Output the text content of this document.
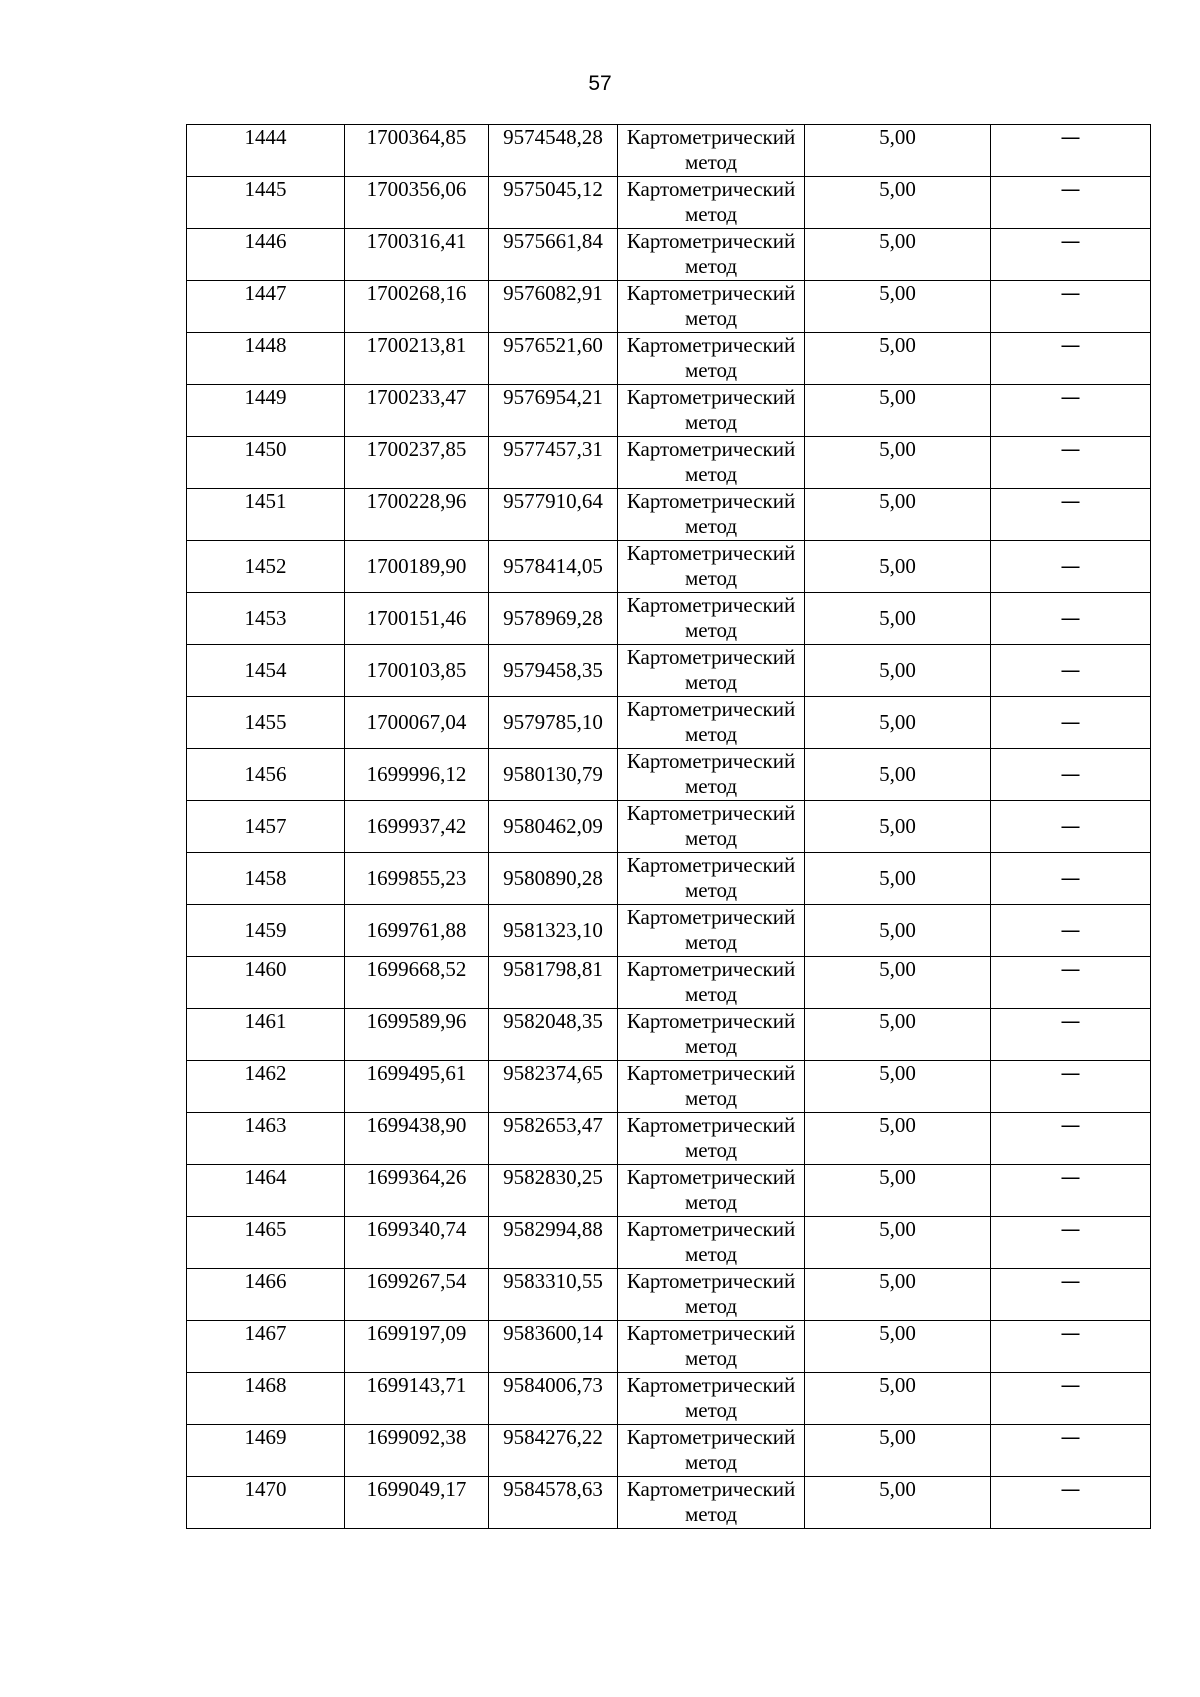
57
1444	1700364,85	9574548,28	Картометрический метод	5,00	—
1445	1700356,06	9575045,12	Картометрический метод	5,00	—
1446	1700316,41	9575661,84	Картометрический метод	5,00	—
1447	1700268,16	9576082,91	Картометрический метод	5,00	—
1448	1700213,81	9576521,60	Картометрический метод	5,00	—
1449	1700233,47	9576954,21	Картометрический метод	5,00	—
1450	1700237,85	9577457,31	Картометрический метод	5,00	—
1451	1700228,96	9577910,64	Картометрический метод	5,00	—
1452	1700189,90	9578414,05	Картометрический метод	5,00	—
1453	1700151,46	9578969,28	Картометрический метод	5,00	—
1454	1700103,85	9579458,35	Картометрический метод	5,00	—
1455	1700067,04	9579785,10	Картометрический метод	5,00	—
1456	1699996,12	9580130,79	Картометрический метод	5,00	—
1457	1699937,42	9580462,09	Картометрический метод	5,00	—
1458	1699855,23	9580890,28	Картометрический метод	5,00	—
1459	1699761,88	9581323,10	Картометрический метод	5,00	—
1460	1699668,52	9581798,81	Картометрический метод	5,00	—
1461	1699589,96	9582048,35	Картометрический метод	5,00	—
1462	1699495,61	9582374,65	Картометрический метод	5,00	—
1463	1699438,90	9582653,47	Картометрический метод	5,00	—
1464	1699364,26	9582830,25	Картометрический метод	5,00	—
1465	1699340,74	9582994,88	Картометрический метод	5,00	—
1466	1699267,54	9583310,55	Картометрический метод	5,00	—
1467	1699197,09	9583600,14	Картометрический метод	5,00	—
1468	1699143,71	9584006,73	Картометрический метод	5,00	—
1469	1699092,38	9584276,22	Картометрический метод	5,00	—
1470	1699049,17	9584578,63	Картометрический метод	5,00	—
